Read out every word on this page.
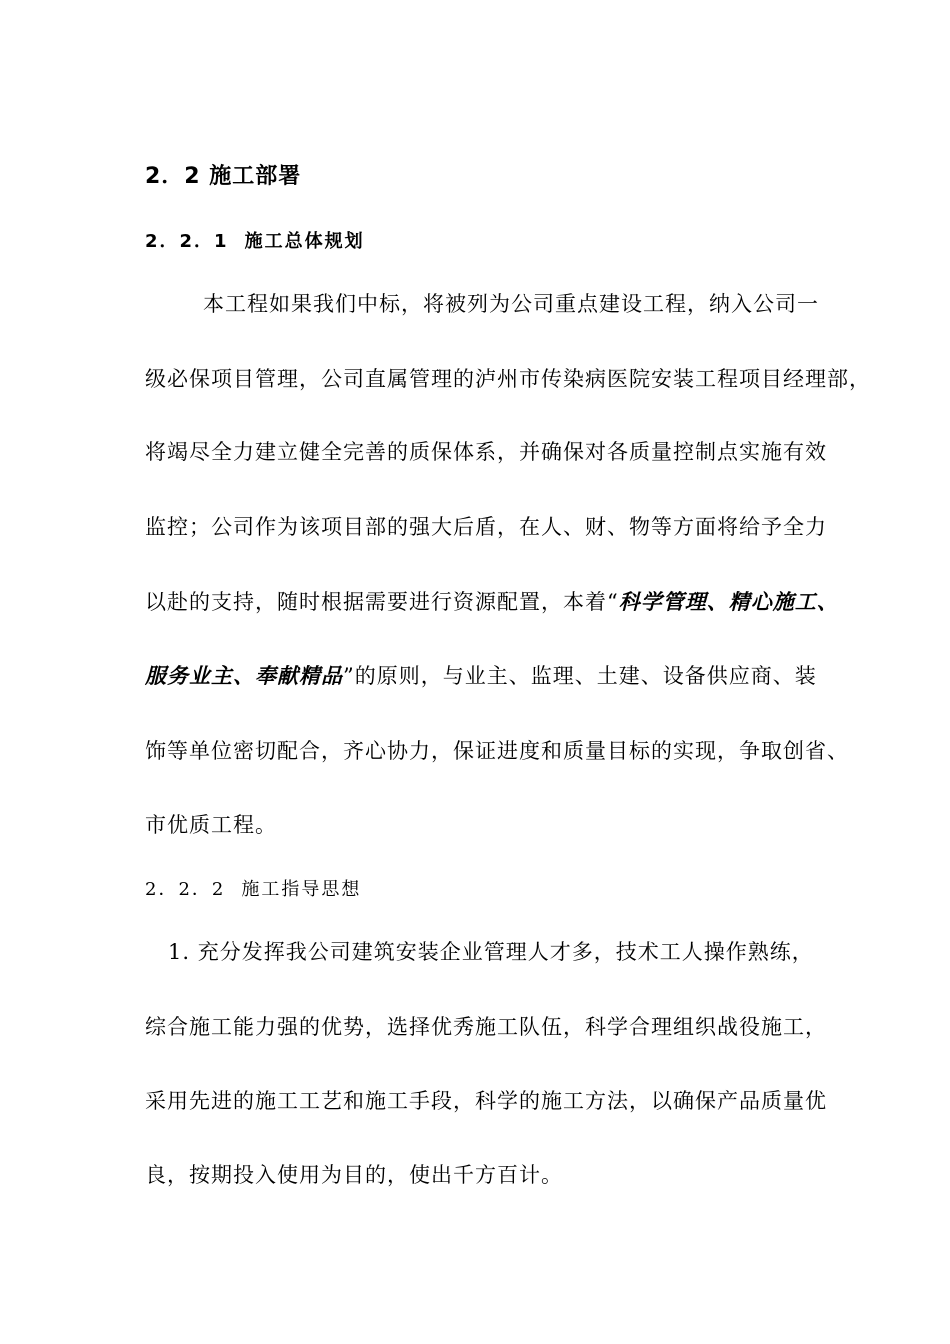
2．2 施工部署
2．2．1 施工总体规划
本工程如果我们中标，将被列为公司重点建设工程，纳入公司一
级必保项目管理，公司直属管理的泸州市传染病医院安装工程项目经理部，
将竭尽全力建立健全完善的质保体系，并确保对各质量控制点实施有效
监控；公司作为该项目部的强大后盾，在人、财、物等方面将给予全力
以赴的支持，随时根据需要进行资源配置，本着“科学管理、精心施工、
服务业主、奉献精品”的原则，与业主、监理、土建、设备供应商、装
饰等单位密切配合，齐心协力，保证进度和质量目标的实现，争取创省、
市优质工程。
2．2．2 施工指导思想
1. 充分发挥我公司建筑安装企业管理人才多，技术工人操作熟练，
综合施工能力强的优势，选择优秀施工队伍，科学合理组织战役施工，
采用先进的施工工艺和施工手段，科学的施工方法，以确保产品质量优
良，按期投入使用为目的，使出千方百计。
